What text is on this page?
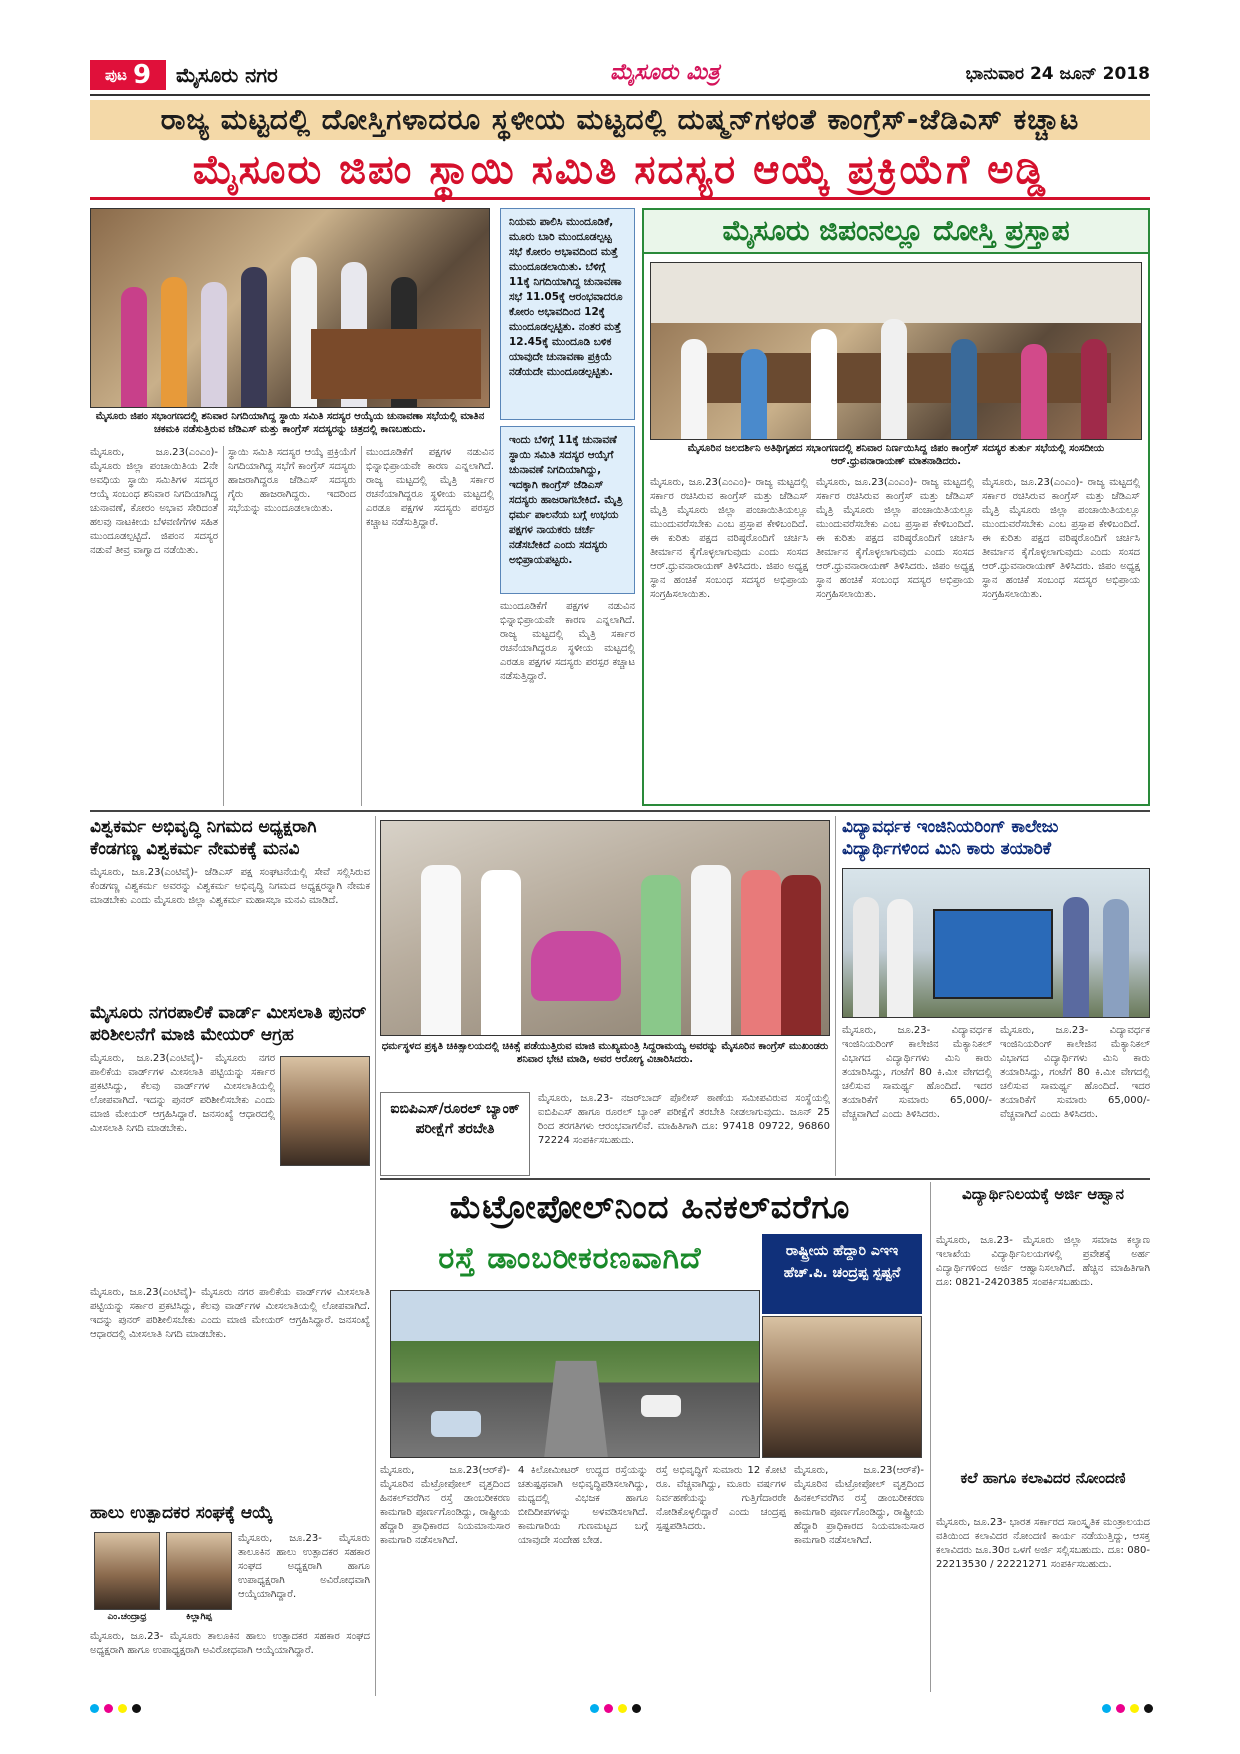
ಪುಟ 9 ಮೈಸೂರು ನಗರ	ಮೈಸೂರು ಮಿತ್ರ	ಭಾನುವಾರ 24 ಜೂನ್ 2018
ರಾಜ್ಯ ಮಟ್ಟದಲ್ಲಿ ದೋಸ್ತಿಗಳಾದರೂ ಸ್ಥಳೀಯ ಮಟ್ಟದಲ್ಲಿ ದುಷ್ಮನ್‌ಗಳಂತೆ ಕಾಂಗ್ರೆಸ್-ಜೆಡಿಎಸ್ ಕಚ್ಚಾಟ
ಮೈಸೂರು ಜಿಪಂ ಸ್ಥಾಯಿ ಸಮಿತಿ ಸದಸ್ಯರ ಆಯ್ಕೆ ಪ್ರಕ್ರಿಯೆಗೆ ಅಡ್ಡಿ
ಮೈಸೂರು ಜಿಪಂ ಸಭಾಂಗಣದಲ್ಲಿ ಶನಿವಾರ ನಿಗದಿಯಾಗಿದ್ದ ಸ್ಥಾಯಿ ಸಮಿತಿ ಸದಸ್ಯರ ಆಯ್ಕೆಯ ಚುನಾವಣಾ ಸಭೆಯಲ್ಲಿ ಮಾತಿನ ಚಕಮಕಿ ನಡೆಸುತ್ತಿರುವ ಜೆಡಿಎಸ್ ಮತ್ತು ಕಾಂಗ್ರೆಸ್ ಸದಸ್ಯರನ್ನು ಚಿತ್ರದಲ್ಲಿ ಕಾಣಬಹುದು.
ಮೈಸೂರು, ಜೂ.23(ಎಂಎಂ)- ಮೈಸೂರು ಜಿಲ್ಲಾ ಪಂಚಾಯಿತಿಯ 2ನೇ ಅವಧಿಯ ಸ್ಥಾಯಿ ಸಮಿತಿಗಳ ಸದಸ್ಯರ ಆಯ್ಕೆ ಸಂಬಂಧ ಶನಿವಾರ ನಿಗದಿಯಾಗಿದ್ದ ಚುನಾವಣೆ, ಕೋರಂ ಅಭಾವ ಸೇರಿದಂತೆ ಹಲವು ನಾಟಕೀಯ ಬೆಳವಣಿಗೆಗಳ ಸಹಿತ ಮುಂದೂಡಲ್ಪಟ್ಟಿದೆ. ಜಿಪಂನ ಸದಸ್ಯರ ನಡುವೆ ತೀವ್ರ ವಾಗ್ವಾದ ನಡೆಯಿತು.
ಸ್ಥಾಯಿ ಸಮಿತಿ ಸದಸ್ಯರ ಆಯ್ಕೆ ಪ್ರಕ್ರಿಯೆಗೆ ನಿಗದಿಯಾಗಿದ್ದ ಸಭೆಗೆ ಕಾಂಗ್ರೆಸ್ ಸದಸ್ಯರು ಹಾಜರಾಗಿದ್ದರೂ ಜೆಡಿಎಸ್ ಸದಸ್ಯರು ಗೈರು ಹಾಜರಾಗಿದ್ದರು. ಇದರಿಂದ ಸಭೆಯನ್ನು ಮುಂದೂಡಲಾಯಿತು.
ಮುಂದೂಡಿಕೆಗೆ ಪಕ್ಷಗಳ ನಡುವಿನ ಭಿನ್ನಾಭಿಪ್ರಾಯವೇ ಕಾರಣ ಎನ್ನಲಾಗಿದೆ. ರಾಜ್ಯ ಮಟ್ಟದಲ್ಲಿ ಮೈತ್ರಿ ಸರ್ಕಾರ ರಚನೆಯಾಗಿದ್ದರೂ ಸ್ಥಳೀಯ ಮಟ್ಟದಲ್ಲಿ ಎರಡೂ ಪಕ್ಷಗಳ ಸದಸ್ಯರು ಪರಸ್ಪರ ಕಚ್ಚಾಟ ನಡೆಸುತ್ತಿದ್ದಾರೆ.
ನಿಯಮ ಪಾಲಿಸಿ ಮುಂದೂಡಿಕೆ, ಮೂರು ಬಾರಿ ಮುಂದೂಡಲ್ಪಟ್ಟ ಸಭೆ ಕೋರಂ ಅಭಾವದಿಂದ ಮತ್ತೆ ಮುಂದೂಡಲಾಯಿತು. ಬೆಳಿಗ್ಗೆ 11ಕ್ಕೆ ನಿಗದಿಯಾಗಿದ್ದ ಚುನಾವಣಾ ಸಭೆ 11.05ಕ್ಕೆ ಆರಂಭವಾದರೂ ಕೋರಂ ಅಭಾವದಿಂದ 12ಕ್ಕೆ ಮುಂದೂಡಲ್ಪಟ್ಟಿತು. ನಂತರ ಮತ್ತೆ 12.45ಕ್ಕೆ ಮುಂದೂಡಿ ಬಳಿಕ ಯಾವುದೇ ಚುನಾವಣಾ ಪ್ರಕ್ರಿಯೆ ನಡೆಯದೇ ಮುಂದೂಡಲ್ಪಟ್ಟಿತು.
ಇಂದು ಬೆಳಿಗ್ಗೆ 11ಕ್ಕೆ ಚುನಾವಣೆ ಸ್ಥಾಯಿ ಸಮಿತಿ ಸದಸ್ಯರ ಆಯ್ಕೆಗೆ ಚುನಾವಣೆ ನಿಗದಿಯಾಗಿದ್ದು, ಇದಕ್ಕಾಗಿ ಕಾಂಗ್ರೆಸ್ ಜೆಡಿಎಸ್ ಸದಸ್ಯರು ಹಾಜರಾಗಬೇಕಿದೆ. ಮೈತ್ರಿ ಧರ್ಮ ಪಾಲನೆಯ ಬಗ್ಗೆ ಉಭಯ ಪಕ್ಷಗಳ ನಾಯಕರು ಚರ್ಚೆ ನಡೆಸಬೇಕಿದೆ ಎಂದು ಸದಸ್ಯರು ಅಭಿಪ್ರಾಯಪಟ್ಟರು.
ಮುಂದೂಡಿಕೆಗೆ ಪಕ್ಷಗಳ ನಡುವಿನ ಭಿನ್ನಾಭಿಪ್ರಾಯವೇ ಕಾರಣ ಎನ್ನಲಾಗಿದೆ. ರಾಜ್ಯ ಮಟ್ಟದಲ್ಲಿ ಮೈತ್ರಿ ಸರ್ಕಾರ ರಚನೆಯಾಗಿದ್ದರೂ ಸ್ಥಳೀಯ ಮಟ್ಟದಲ್ಲಿ ಎರಡೂ ಪಕ್ಷಗಳ ಸದಸ್ಯರು ಪರಸ್ಪರ ಕಚ್ಚಾಟ ನಡೆಸುತ್ತಿದ್ದಾರೆ.
ಮೈಸೂರು ಜಿಪಂನಲ್ಲೂ ದೋಸ್ತಿ ಪ್ರಸ್ತಾಪ
ಮೈಸೂರಿನ ಜಲದರ್ಶಿನಿ ಅತಿಥಿಗೃಹದ ಸಭಾಂಗಣದಲ್ಲಿ ಶನಿವಾರ ನಿರ್ಣಯಿಸಿದ್ದ ಜಿಪಂ ಕಾಂಗ್ರೆಸ್ ಸದಸ್ಯರ ತುರ್ತು ಸಭೆಯಲ್ಲಿ ಸಂಸದೀಯ ಆರ್.ಧ್ರುವನಾರಾಯಣ್ ಮಾತನಾಡಿದರು.
ಮೈಸೂರು, ಜೂ.23(ಎಂಎಂ)- ರಾಜ್ಯ ಮಟ್ಟದಲ್ಲಿ ಸರ್ಕಾರ ರಚಿಸಿರುವ ಕಾಂಗ್ರೆಸ್ ಮತ್ತು ಜೆಡಿಎಸ್ ಮೈತ್ರಿ ಮೈಸೂರು ಜಿಲ್ಲಾ ಪಂಚಾಯಿತಿಯಲ್ಲೂ ಮುಂದುವರೆಸಬೇಕು ಎಂಬ ಪ್ರಸ್ತಾಪ ಕೇಳಿಬಂದಿದೆ. ಈ ಕುರಿತು ಪಕ್ಷದ ವರಿಷ್ಠರೊಂದಿಗೆ ಚರ್ಚಿಸಿ ತೀರ್ಮಾನ ಕೈಗೊಳ್ಳಲಾಗುವುದು ಎಂದು ಸಂಸದ ಆರ್.ಧ್ರುವನಾರಾಯಣ್ ತಿಳಿಸಿದರು. ಜಿಪಂ ಅಧ್ಯಕ್ಷ ಸ್ಥಾನ ಹಂಚಿಕೆ ಸಂಬಂಧ ಸದಸ್ಯರ ಅಭಿಪ್ರಾಯ ಸಂಗ್ರಹಿಸಲಾಯಿತು.
ಮೈಸೂರು, ಜೂ.23(ಎಂಎಂ)- ರಾಜ್ಯ ಮಟ್ಟದಲ್ಲಿ ಸರ್ಕಾರ ರಚಿಸಿರುವ ಕಾಂಗ್ರೆಸ್ ಮತ್ತು ಜೆಡಿಎಸ್ ಮೈತ್ರಿ ಮೈಸೂರು ಜಿಲ್ಲಾ ಪಂಚಾಯಿತಿಯಲ್ಲೂ ಮುಂದುವರೆಸಬೇಕು ಎಂಬ ಪ್ರಸ್ತಾಪ ಕೇಳಿಬಂದಿದೆ. ಈ ಕುರಿತು ಪಕ್ಷದ ವರಿಷ್ಠರೊಂದಿಗೆ ಚರ್ಚಿಸಿ ತೀರ್ಮಾನ ಕೈಗೊಳ್ಳಲಾಗುವುದು ಎಂದು ಸಂಸದ ಆರ್.ಧ್ರುವನಾರಾಯಣ್ ತಿಳಿಸಿದರು. ಜಿಪಂ ಅಧ್ಯಕ್ಷ ಸ್ಥಾನ ಹಂಚಿಕೆ ಸಂಬಂಧ ಸದಸ್ಯರ ಅಭಿಪ್ರಾಯ ಸಂಗ್ರಹಿಸಲಾಯಿತು.
ಮೈಸೂರು, ಜೂ.23(ಎಂಎಂ)- ರಾಜ್ಯ ಮಟ್ಟದಲ್ಲಿ ಸರ್ಕಾರ ರಚಿಸಿರುವ ಕಾಂಗ್ರೆಸ್ ಮತ್ತು ಜೆಡಿಎಸ್ ಮೈತ್ರಿ ಮೈಸೂರು ಜಿಲ್ಲಾ ಪಂಚಾಯಿತಿಯಲ್ಲೂ ಮುಂದುವರೆಸಬೇಕು ಎಂಬ ಪ್ರಸ್ತಾಪ ಕೇಳಿಬಂದಿದೆ. ಈ ಕುರಿತು ಪಕ್ಷದ ವರಿಷ್ಠರೊಂದಿಗೆ ಚರ್ಚಿಸಿ ತೀರ್ಮಾನ ಕೈಗೊಳ್ಳಲಾಗುವುದು ಎಂದು ಸಂಸದ ಆರ್.ಧ್ರುವನಾರಾಯಣ್ ತಿಳಿಸಿದರು. ಜಿಪಂ ಅಧ್ಯಕ್ಷ ಸ್ಥಾನ ಹಂಚಿಕೆ ಸಂಬಂಧ ಸದಸ್ಯರ ಅಭಿಪ್ರಾಯ ಸಂಗ್ರಹಿಸಲಾಯಿತು.
ವಿಶ್ವಕರ್ಮ ಅಭಿವೃದ್ಧಿ ನಿಗಮದ ಅಧ್ಯಕ್ಷರಾಗಿ ಕೆಂಡಗಣ್ಣ ವಿಶ್ವಕರ್ಮ ನೇಮಕಕ್ಕೆ ಮನವಿ
ಮೈಸೂರು, ಜೂ.23(ಎಂಟಿವೈ)- ಜೆಡಿಎಸ್ ಪಕ್ಷ ಸಂಘಟನೆಯಲ್ಲಿ ಸೇವೆ ಸಲ್ಲಿಸಿರುವ ಕೆಂಡಗಣ್ಣ ವಿಶ್ವಕರ್ಮ ಅವರನ್ನು ವಿಶ್ವಕರ್ಮ ಅಭಿವೃದ್ಧಿ ನಿಗಮದ ಅಧ್ಯಕ್ಷರನ್ನಾಗಿ ನೇಮಕ ಮಾಡಬೇಕು ಎಂದು ಮೈಸೂರು ಜಿಲ್ಲಾ ವಿಶ್ವಕರ್ಮ ಮಹಾಸಭಾ ಮನವಿ ಮಾಡಿದೆ.
ಮೈಸೂರು ನಗರಪಾಲಿಕೆ ವಾರ್ಡ್ ಮೀಸಲಾತಿ ಪುನರ್ ಪರಿಶೀಲನೆಗೆ ಮಾಜಿ ಮೇಯರ್ ಆಗ್ರಹ
ಮೈಸೂರು, ಜೂ.23(ಎಂಟಿವೈ)- ಮೈಸೂರು ನಗರ ಪಾಲಿಕೆಯ ವಾರ್ಡ್‌ಗಳ ಮೀಸಲಾತಿ ಪಟ್ಟಿಯನ್ನು ಸರ್ಕಾರ ಪ್ರಕಟಿಸಿದ್ದು, ಕೆಲವು ವಾರ್ಡ್‌ಗಳ ಮೀಸಲಾತಿಯಲ್ಲಿ ಲೋಪವಾಗಿದೆ. ಇದನ್ನು ಪುನರ್ ಪರಿಶೀಲಿಸಬೇಕು ಎಂದು ಮಾಜಿ ಮೇಯರ್ ಆಗ್ರಹಿಸಿದ್ದಾರೆ. ಜನಸಂಖ್ಯೆ ಆಧಾರದಲ್ಲಿ ಮೀಸಲಾತಿ ನಿಗದಿ ಮಾಡಬೇಕು.
ಮೈಸೂರು, ಜೂ.23(ಎಂಟಿವೈ)- ಮೈಸೂರು ನಗರ ಪಾಲಿಕೆಯ ವಾರ್ಡ್‌ಗಳ ಮೀಸಲಾತಿ ಪಟ್ಟಿಯನ್ನು ಸರ್ಕಾರ ಪ್ರಕಟಿಸಿದ್ದು, ಕೆಲವು ವಾರ್ಡ್‌ಗಳ ಮೀಸಲಾತಿಯಲ್ಲಿ ಲೋಪವಾಗಿದೆ. ಇದನ್ನು ಪುನರ್ ಪರಿಶೀಲಿಸಬೇಕು ಎಂದು ಮಾಜಿ ಮೇಯರ್ ಆಗ್ರಹಿಸಿದ್ದಾರೆ. ಜನಸಂಖ್ಯೆ ಆಧಾರದಲ್ಲಿ ಮೀಸಲಾತಿ ನಿಗದಿ ಮಾಡಬೇಕು.
ಹಾಲು ಉತ್ಪಾದಕರ ಸಂಘಕ್ಕೆ ಆಯ್ಕೆ
ಎಂ.ಚಂದ್ರಾಧ್ರ	ಕಿಲ್ಲಾಗಿಪ್ಪ
ಮೈಸೂರು, ಜೂ.23- ಮೈಸೂರು ತಾಲೂಕಿನ ಹಾಲು ಉತ್ಪಾದಕರ ಸಹಕಾರ ಸಂಘದ ಅಧ್ಯಕ್ಷರಾಗಿ ಹಾಗೂ ಉಪಾಧ್ಯಕ್ಷರಾಗಿ ಅವಿರೋಧವಾಗಿ ಆಯ್ಕೆಯಾಗಿದ್ದಾರೆ.
ಮೈಸೂರು, ಜೂ.23- ಮೈಸೂರು ತಾಲೂಕಿನ ಹಾಲು ಉತ್ಪಾದಕರ ಸಹಕಾರ ಸಂಘದ ಅಧ್ಯಕ್ಷರಾಗಿ ಹಾಗೂ ಉಪಾಧ್ಯಕ್ಷರಾಗಿ ಅವಿರೋಧವಾಗಿ ಆಯ್ಕೆಯಾಗಿದ್ದಾರೆ.
ಧರ್ಮಸ್ಥಳದ ಪ್ರಕೃತಿ ಚಿಕಿತ್ಸಾಲಯದಲ್ಲಿ ಚಿಕಿತ್ಸೆ ಪಡೆಯುತ್ತಿರುವ ಮಾಜಿ ಮುಖ್ಯಮಂತ್ರಿ ಸಿದ್ದರಾಮಯ್ಯ ಅವರನ್ನು ಮೈಸೂರಿನ ಕಾಂಗ್ರೆಸ್ ಮುಖಂಡರು ಶನಿವಾರ ಭೇಟಿ ಮಾಡಿ, ಅವರ ಆರೋಗ್ಯ ವಿಚಾರಿಸಿದರು.
ಐಬಿಪಿಎಸ್/ರೂರಲ್ ಬ್ಯಾಂಕ್ ಪರೀಕ್ಷೆಗೆ ತರಬೇತಿ
ಮೈಸೂರು, ಜೂ.23- ನಜರ್‌ಬಾದ್ ಪೊಲೀಸ್ ಠಾಣೆಯ ಸಮೀಪವಿರುವ ಸಂಸ್ಥೆಯಲ್ಲಿ ಐಬಿಪಿಎಸ್ ಹಾಗೂ ರೂರಲ್ ಬ್ಯಾಂಕ್ ಪರೀಕ್ಷೆಗೆ ತರಬೇತಿ ನೀಡಲಾಗುವುದು. ಜೂನ್ 25 ರಿಂದ ತರಗತಿಗಳು ಆರಂಭವಾಗಲಿವೆ. ಮಾಹಿತಿಗಾಗಿ ದೂ: 97418 09722, 96860 72224 ಸಂಪರ್ಕಿಸಬಹುದು.
ವಿದ್ಯಾವರ್ಧಕ ಇಂಜಿನಿಯರಿಂಗ್ ಕಾಲೇಜು ವಿದ್ಯಾರ್ಥಿಗಳಿಂದ ಮಿನಿ ಕಾರು ತಯಾರಿಕೆ
ಮೈಸೂರು, ಜೂ.23- ವಿದ್ಯಾವರ್ಧಕ ಇಂಜಿನಿಯರಿಂಗ್ ಕಾಲೇಜಿನ ಮೆಕ್ಯಾನಿಕಲ್ ವಿಭಾಗದ ವಿದ್ಯಾರ್ಥಿಗಳು ಮಿನಿ ಕಾರು ತಯಾರಿಸಿದ್ದು, ಗಂಟೆಗೆ 80 ಕಿ.ಮೀ ವೇಗದಲ್ಲಿ ಚಲಿಸುವ ಸಾಮರ್ಥ್ಯ ಹೊಂದಿದೆ. ಇದರ ತಯಾರಿಕೆಗೆ ಸುಮಾರು 65,000/- ವೆಚ್ಚವಾಗಿದೆ ಎಂದು ತಿಳಿಸಿದರು.
ಮೈಸೂರು, ಜೂ.23- ವಿದ್ಯಾವರ್ಧಕ ಇಂಜಿನಿಯರಿಂಗ್ ಕಾಲೇಜಿನ ಮೆಕ್ಯಾನಿಕಲ್ ವಿಭಾಗದ ವಿದ್ಯಾರ್ಥಿಗಳು ಮಿನಿ ಕಾರು ತಯಾರಿಸಿದ್ದು, ಗಂಟೆಗೆ 80 ಕಿ.ಮೀ ವೇಗದಲ್ಲಿ ಚಲಿಸುವ ಸಾಮರ್ಥ್ಯ ಹೊಂದಿದೆ. ಇದರ ತಯಾರಿಕೆಗೆ ಸುಮಾರು 65,000/- ವೆಚ್ಚವಾಗಿದೆ ಎಂದು ತಿಳಿಸಿದರು.
ಮೆಟ್ರೋಪೋಲ್‌ನಿಂದ ಹಿನಕಲ್‌ವರೆಗೂ
ರಸ್ತೆ ಡಾಂಬರೀಕರಣವಾಗಿದೆ	ರಾಷ್ಟ್ರೀಯ ಹೆದ್ದಾರಿ ಎಇಇ ಹೆಚ್.ಪಿ. ಚಂದ್ರಪ್ಪ ಸ್ಪಷ್ಟನೆ
ಮೈಸೂರು, ಜೂ.23(ಆರ್‌ಕೆ)- ಮೈಸೂರಿನ ಮೆಟ್ರೋಪೋಲ್ ವೃತ್ತದಿಂದ ಹಿನಕಲ್‌ವರೆಗಿನ ರಸ್ತೆ ಡಾಂಬರೀಕರಣ ಕಾಮಗಾರಿ ಪೂರ್ಣಗೊಂಡಿದ್ದು, ರಾಷ್ಟ್ರೀಯ ಹೆದ್ದಾರಿ ಪ್ರಾಧಿಕಾರದ ನಿಯಮಾನುಸಾರ ಕಾಮಗಾರಿ ನಡೆಸಲಾಗಿದೆ.
4 ಕಿಲೋಮೀಟರ್ ಉದ್ದದ ರಸ್ತೆಯನ್ನು ಚತುಷ್ಪಥವಾಗಿ ಅಭಿವೃದ್ಧಿಪಡಿಸಲಾಗಿದ್ದು, ಮಧ್ಯದಲ್ಲಿ ವಿಭಜಕ ಹಾಗೂ ಬೀದಿದೀಪಗಳನ್ನು ಅಳವಡಿಸಲಾಗಿದೆ. ಕಾಮಗಾರಿಯ ಗುಣಮಟ್ಟದ ಬಗ್ಗೆ ಯಾವುದೇ ಸಂದೇಹ ಬೇಡ.
ರಸ್ತೆ ಅಭಿವೃದ್ಧಿಗೆ ಸುಮಾರು 12 ಕೋಟಿ ರೂ. ವೆಚ್ಚವಾಗಿದ್ದು, ಮೂರು ವರ್ಷಗಳ ನಿರ್ವಹಣೆಯನ್ನು ಗುತ್ತಿಗೆದಾರರೇ ನೋಡಿಕೊಳ್ಳಲಿದ್ದಾರೆ ಎಂದು ಚಂದ್ರಪ್ಪ ಸ್ಪಷ್ಟಪಡಿಸಿದರು.
ಮೈಸೂರು, ಜೂ.23(ಆರ್‌ಕೆ)- ಮೈಸೂರಿನ ಮೆಟ್ರೋಪೋಲ್ ವೃತ್ತದಿಂದ ಹಿನಕಲ್‌ವರೆಗಿನ ರಸ್ತೆ ಡಾಂಬರೀಕರಣ ಕಾಮಗಾರಿ ಪೂರ್ಣಗೊಂಡಿದ್ದು, ರಾಷ್ಟ್ರೀಯ ಹೆದ್ದಾರಿ ಪ್ರಾಧಿಕಾರದ ನಿಯಮಾನುಸಾರ ಕಾಮಗಾರಿ ನಡೆಸಲಾಗಿದೆ.
ವಿದ್ಯಾರ್ಥಿನಿಲಯಕ್ಕೆ ಅರ್ಜಿ ಆಹ್ವಾನ
ಮೈಸೂರು, ಜೂ.23- ಮೈಸೂರು ಜಿಲ್ಲಾ ಸಮಾಜ ಕಲ್ಯಾಣ ಇಲಾಖೆಯ ವಿದ್ಯಾರ್ಥಿನಿಲಯಗಳಲ್ಲಿ ಪ್ರವೇಶಕ್ಕೆ ಅರ್ಹ ವಿದ್ಯಾರ್ಥಿಗಳಿಂದ ಅರ್ಜಿ ಆಹ್ವಾನಿಸಲಾಗಿದೆ. ಹೆಚ್ಚಿನ ಮಾಹಿತಿಗಾಗಿ ದೂ: 0821-2420385 ಸಂಪರ್ಕಿಸಬಹುದು.
ಕಲೆ ಹಾಗೂ ಕಲಾವಿದರ ನೋಂದಣಿ
ಮೈಸೂರು, ಜೂ.23- ಭಾರತ ಸರ್ಕಾರದ ಸಾಂಸ್ಕೃತಿಕ ಮಂತ್ರಾಲಯದ ವತಿಯಿಂದ ಕಲಾವಿದರ ನೋಂದಣಿ ಕಾರ್ಯ ನಡೆಯುತ್ತಿದ್ದು, ಆಸಕ್ತ ಕಲಾವಿದರು ಜೂ.30ರ ಒಳಗೆ ಅರ್ಜಿ ಸಲ್ಲಿಸಬಹುದು. ದೂ: 080-22213530 / 22221271 ಸಂಪರ್ಕಿಸಬಹುದು.
